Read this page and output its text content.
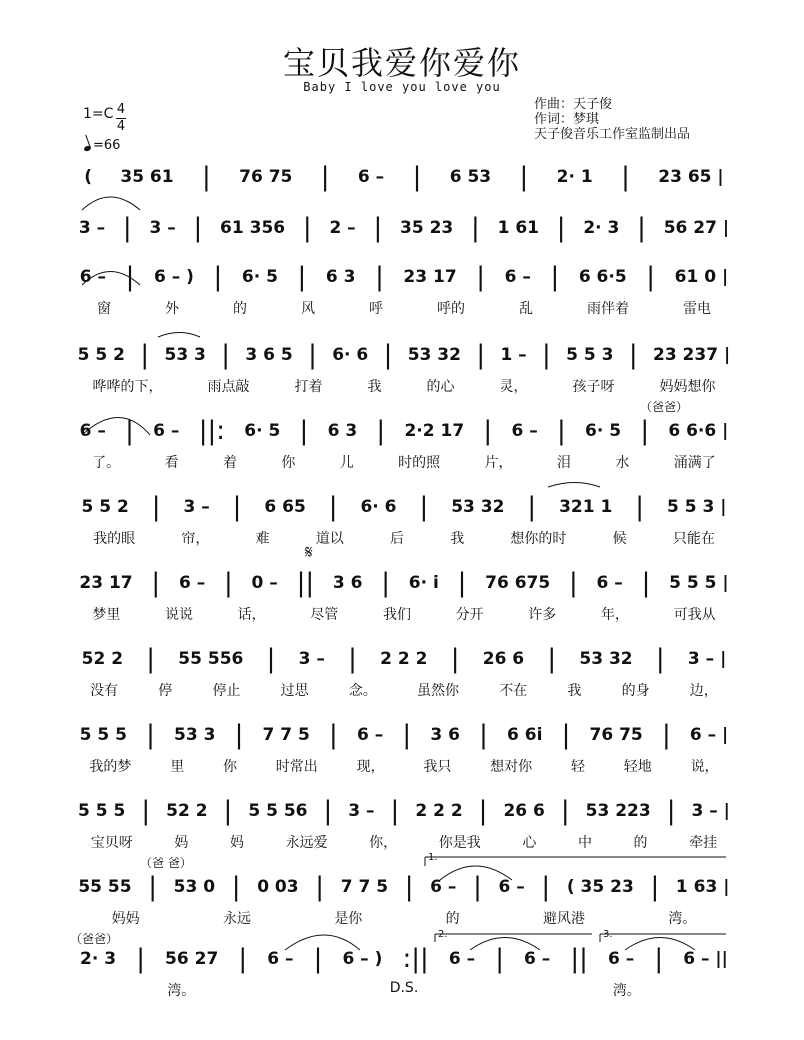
宝贝我爱你爱你
Baby I love you love you
作曲：天子俊
作词：梦琪
天子俊音乐工作室监制出品
1=C 4
4
=66
( 35 61 | 76 75 | 6 – | 6 53 | 2· 1 | 23 65 |
3 – | 3 – | 61 356 | 2 – | 35 23 | 1 61 | 2· 3 | 56 27 |
6 – | 6 – ) | 6· 5 | 6 3 | 23 17 | 6 – | 6 6·5 | 61 0 |
窗	外	的	风	呼	呼的	乱	雨伴着	雷电
5 5 2 | 53 3 | 3 6 5 | 6· 6 | 53 32 | 1 – | 5 5 3 | 23 237 |
哗哗的下，	雨点敲	打着	我	的心	灵，	孩子呀	妈妈想你
（爸爸）
6 – | 6 – ||: 6· 5 | 6 3 | 2·2 17 | 6 – | 6· 5 | 6 6·6 |
了。	看	着	你	儿	时的照	片，	泪	水	涌满了
5 5 2 | 3 – | 6 65 | 6· 6 | 53 32 | 321 1 | 5 5 3 |
我的眼	帘，	难	道以	后	我	想你的时	候	只能在
23 17 | 6 – | 0 – || 3 6 | 6· i | 76 675 | 6 – | 5 5 5 |
梦里	说说	话，	尽管	我们	分开	许多	年，	可我从
52 2 | 55 556 | 3 – | 2 2 2 | 26 6 | 53 32 | 3 – |
没有	停	停止	过思	念。	虽然你	不在	我	的身	边，
5 5 5 | 53 3 | 7 7 5 | 6 – | 3 6 | 6 6i | 76 75 | 6 – |
我的梦	里	你	时常出	现，	我只	想对你	轻	轻地	说，
5 5 5 | 52 2 | 5 5 56 | 3 – | 2 2 2 | 26 6 | 53 223 | 3 – |
宝贝呀	妈	妈	永远爱	你，	你是我	心	中	的	牵挂
（爸 爸）
55 55 | 53 0 | 0 03 | 7 7 5 | 6 – | 6 – | ( 35 23 | 1 63 |
妈妈	永远	是你	的	避风港	湾。
（爸爸）
2· 3 | 56 27 | 6 – | 6 – ) :|| 6 – | 6 – || 6 – | 6 – ||
湾。	D.S.	湾。
1.
2.	3.
𝄋
